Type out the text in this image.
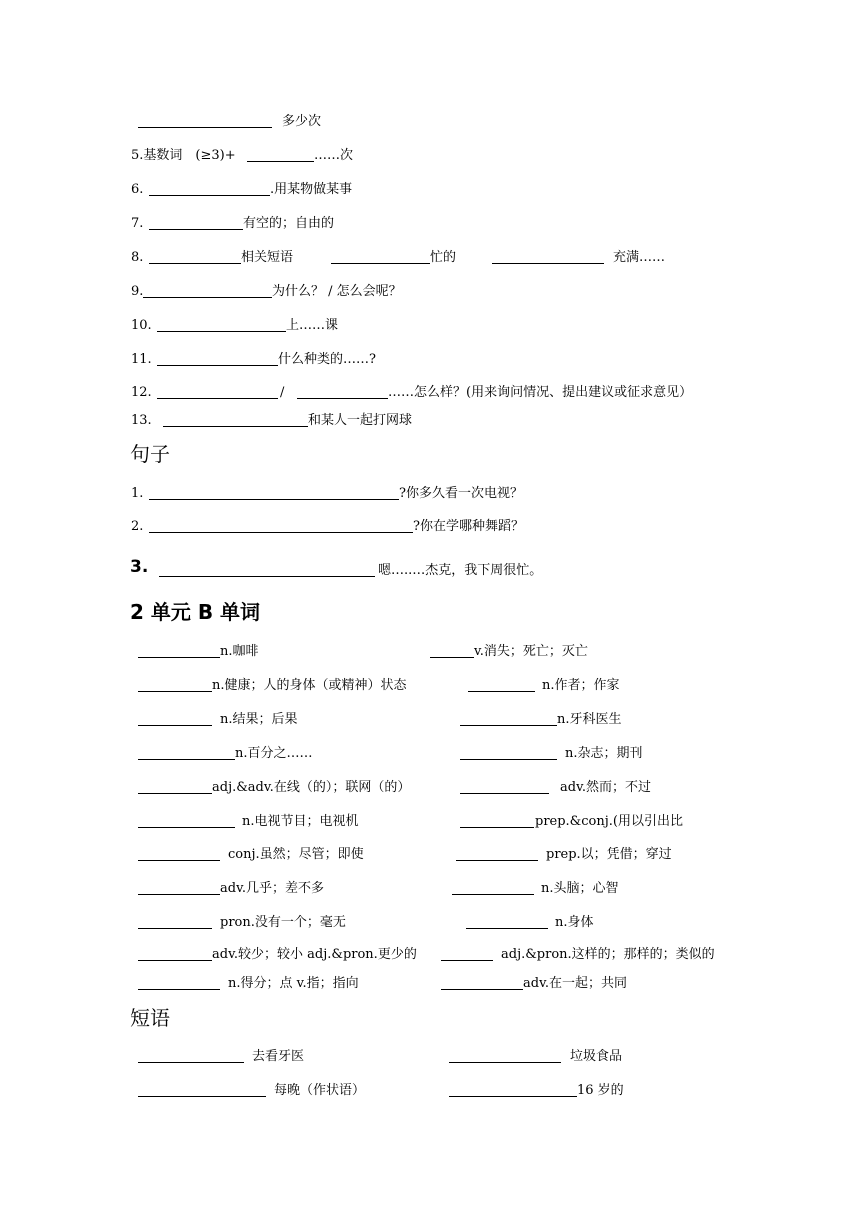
多少次
5.基数词　(≥3)+	……次
6.	.用某物做某事
7.	有空的；自由的
8.	相关短语	忙的	充满……
9.	为什么？ / 怎么会呢？
10.	上……课
11.	什么种类的……?
12.	/	……怎么样？(用来询问情况、提出建议或征求意见）
13.	和某人一起打网球
句子
1.	?你多久看一次电视？
2.	?你在学哪种舞蹈？
3.	嗯…..…杰克，我下周很忙。
2 单元 B 单词
n.咖啡	v.消失；死亡；灭亡
n.健康；人的身体（或精神）状态	n.作者；作家
n.结果；后果	n.牙科医生
n.百分之……	n.杂志；期刊
adj.&adv.在线（的）；联网（的）	adv.然而；不过
n.电视节目；电视机	prep.&conj.(用以引出比
conj.虽然；尽管；即使	prep.以；凭借；穿过
adv.几乎；差不多	n.头脑；心智
pron.没有一个；毫无	n.身体
adv.较少；较小 adj.&pron.更少的	adj.&pron.这样的；那样的；类似的
n.得分；点 v.指；指向	adv.在一起；共同
短语
去看牙医	垃圾食品
每晚（作状语）	16 岁的
